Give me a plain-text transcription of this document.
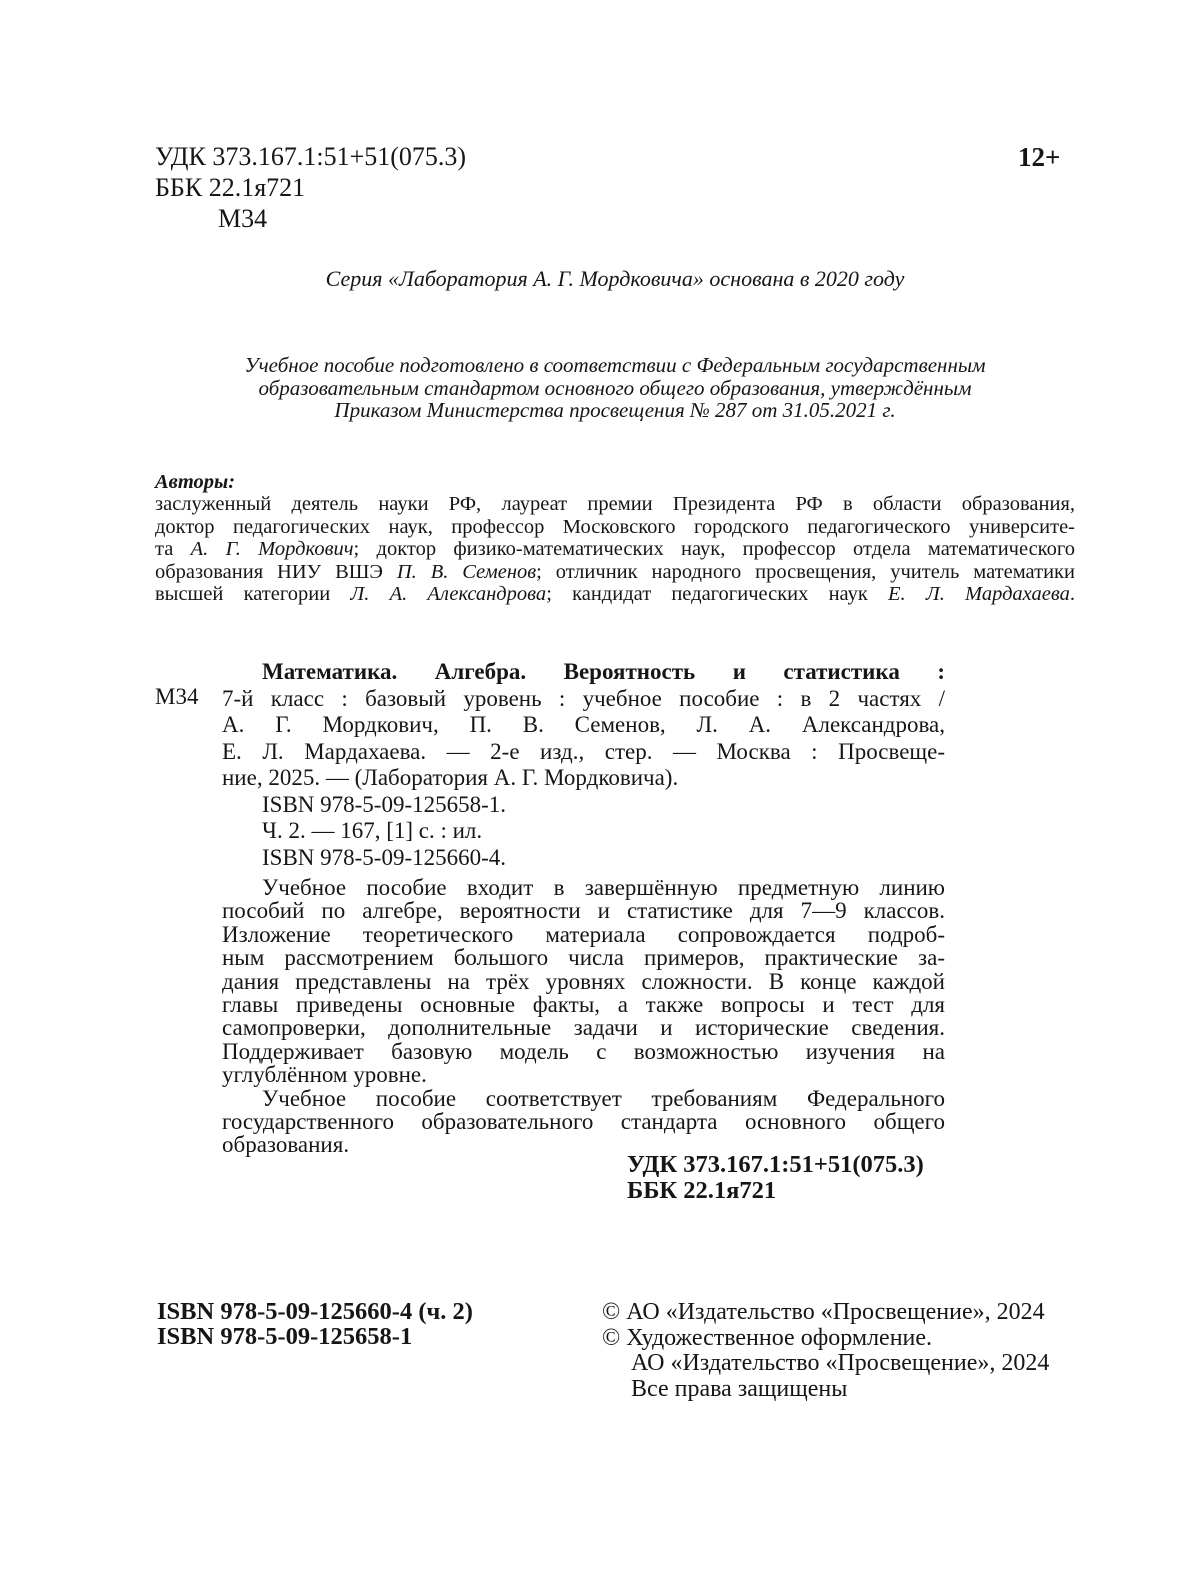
УДК 373.167.1:51+51(075.3)
ББК 22.1я721
М34
12+
Серия «Лаборатория А. Г. Мордковича» основана в 2020 году
Учебное пособие подготовлено в соответствии с Федеральным государственным
образовательным стандартом основного общего образования, утверждённым
Приказом Министерства просвещения № 287 от 31.05.2021 г.
Авторы:
заслуженный деятель науки РФ, лауреат премии Президента РФ в области образования,
доктор педагогических наук, профессор Московского городского педагогического университе-
та А. Г. Мордкович; доктор физико-математических наук, профессор отдела математического
образования НИУ ВШЭ П. В. Семенов; отличник народного просвещения, учитель математики
высшей категории Л. А. Александрова; кандидат педагогических наук Е. Л. Мардахаева.
М34
Математика. Алгебра. Вероятность и статистика :
7-й класс : базовый уровень : учебное пособие : в 2 частях /
А. Г. Мордкович, П. В. Семенов, Л. А. Александрова,
Е. Л. Мардахаева. — 2-е изд., стер. — Москва : Просвеще-
ние, 2025. — (Лаборатория А. Г. Мордковича).
ISBN 978-5-09-125658-1.
Ч. 2. — 167, [1] с. : ил.
ISBN 978-5-09-125660-4.
Учебное пособие входит в завершённую предметную линию
пособий по алгебре, вероятности и статистике для 7—9 классов.
Изложение теоретического материала сопровождается подроб-
ным рассмотрением большого числа примеров, практические за-
дания представлены на трёх уровнях сложности. В конце каждой
главы приведены основные факты, а также вопросы и тест для
самопроверки, дополнительные задачи и исторические сведения.
Поддерживает базовую модель с возможностью изучения на
углублённом уровне.
Учебное пособие соответствует требованиям Федерального
государственного образовательного стандарта основного общего
образования.
УДК 373.167.1:51+51(075.3)
ББК 22.1я721
ISBN 978-5-09-125660-4 (ч. 2)
ISBN 978-5-09-125658-1
© АО «Издательство «Просвещение», 2024
© Художественное оформление.
АО «Издательство «Просвещение», 2024
Все права защищены
